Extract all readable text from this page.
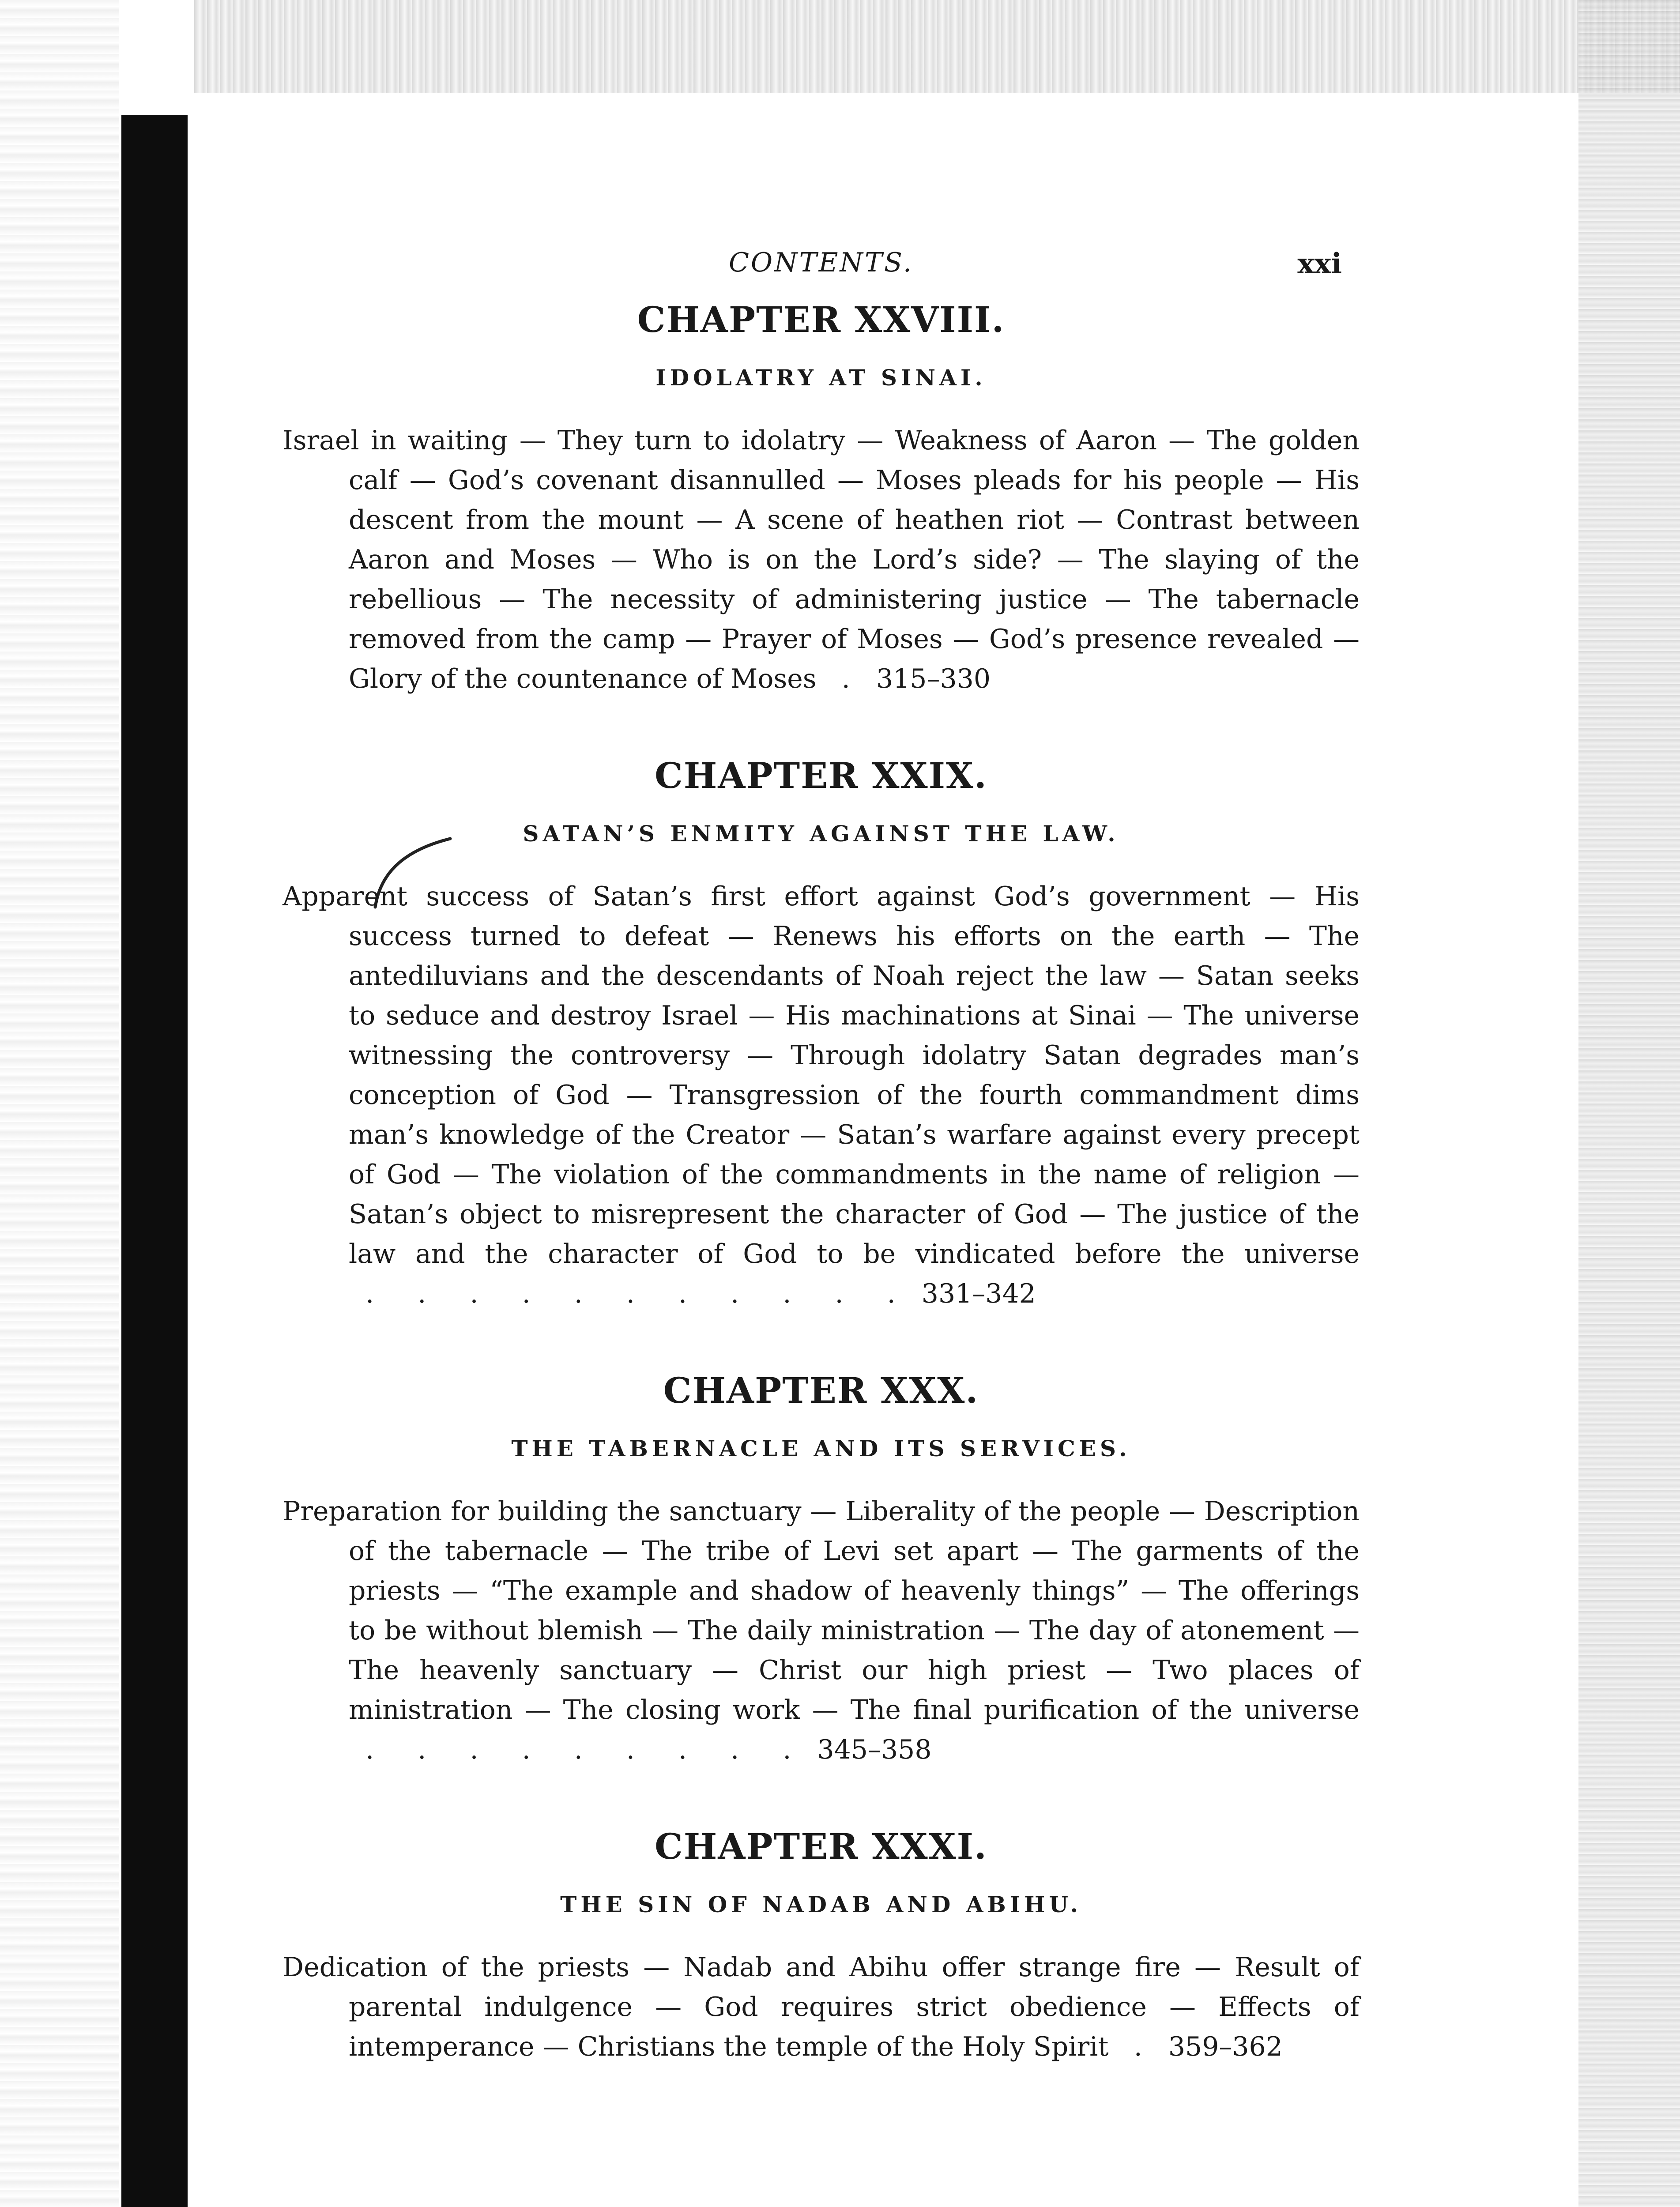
CONTENTS.	xxi
CHAPTER XXVIII.
IDOLATRY AT SINAI.

Israel in waiting — They turn to idolatry — Weakness of Aaron — The golden calf — God’s covenant disannulled — Moses pleads for his people — His descent from the mount — A scene of heathen riot — Contrast between Aaron and Moses — Who is on the Lord’s side? — The slaying of the rebellious — The necessity of administering justice — The tabernacle removed from the camp — Prayer of Moses — God’s presence revealed — Glory of the countenance of Moses . 315–330

CHAPTER XXIX.
SATAN’S ENMITY AGAINST THE LAW.

Apparent success of Satan’s first effort against God’s government — His success turned to defeat — Renews his efforts on the earth — The antediluvians and the descendants of Noah reject the law — Satan seeks to seduce and destroy Israel — His machinations at Sinai — The universe witnessing the controversy — Through idolatry Satan degrades man’s conception of God — Transgression of the fourth commandment dims man’s knowledge of the Creator — Satan’s warfare against every precept of God — The violation of the commandments in the name of religion — Satan’s object to misrepresent the character of God — The justice of the law and the character of God to be vindicated before the universe   . . . . . . . . . . . 331–342

CHAPTER XXX.
THE TABERNACLE AND ITS SERVICES.

Preparation for building the sanctuary — Liberality of the people — Description of the tabernacle — The tribe of Levi set apart — The garments of the priests — “The example and shadow of heavenly things” — The offerings to be without blemish — The daily ministration — The day of atonement — The heavenly sanctuary — Christ our high priest — Two places of ministration — The closing work — The final purification of the universe   . . . . . . . . . 345–358

CHAPTER XXXI.
THE SIN OF NADAB AND ABIHU.

Dedication of the priests — Nadab and Abihu offer strange fire — Result of parental indulgence — God requires strict obedience — Effects of intemperance — Christians the temple of the Holy Spirit . 359–362
